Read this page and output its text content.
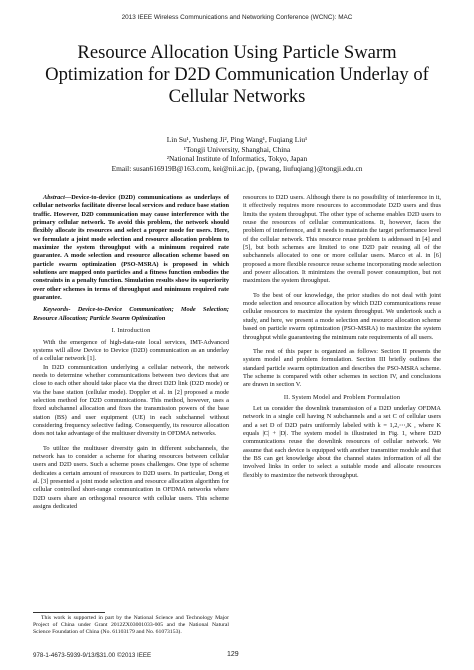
2013 IEEE Wireless Communications and Networking Conference (WCNC): MAC
Resource Allocation Using Particle Swarm
Optimization for D2D Communication Underlay of
Cellular Networks
Lin Su¹, Yusheng Ji², Ping Wang¹, Fuqiang Liu¹
¹Tongji University, Shanghai, China
²National Institute of Informatics, Tokyo, Japan
Email: susan616919B@163.com, kei@nii.ac.jp, {pwang, liufuqiang}@tongji.edu.cn

Abstract—Device-to-device (D2D) communications as underlays of cellular networks facilitate diverse local services and reduce base station traffic. However, D2D communication may cause interference with the primary cellular network. To avoid this problem, the network should flexibly allocate its resources and select a proper mode for users. Here, we formulate a joint mode selection and resource allocation problem to maximize the system throughput with a minimum required rate guarantee. A mode selection and resource allocation scheme based on particle swarm optimization (PSO-MSRA) is proposed in which solutions are mapped onto particles and a fitness function embodies the constraints in a penalty function. Simulation results show its superiority over other schemes in terms of throughput and minimum required rate guarantee.

Keywords- Device-to-Device Communication; Mode Selection; Resource Allocation; Particle Swarm Optimization

I. Introduction

With the emergence of high-data-rate local services, IMT-Advanced systems will allow Device to Device (D2D) communication as an underlay of a cellular network [1].

In D2D communication underlying a cellular network, the network needs to determine whether communications between two devices that are close to each other should take place via the direct D2D link (D2D mode) or via the base station (cellular mode). Doppler et al. in [2] proposed a mode selection method for D2D communications. This method, however, uses a fixed subchannel allocation and fixes the transmission powers of the base station (BS) and user equipment (UE) in each subchannel without considering frequency selective fading. Consequently, its resource allocation does not take advantage of the multiuser diversity in OFDMA networks.

To utilize the multiuser diversity gain in different subchannels, the network has to consider a scheme for sharing resources between cellular users and D2D users. Such a scheme poses challenges. One type of scheme dedicates a certain amount of resources to D2D users. In particular, Dong et al. [3] presented a joint mode selection and resource allocation algorithm for cellular controlled short-range communication in OFDMA networks where D2D users share an orthogonal resource with cellular users. This scheme assigns dedicated

resources to D2D users. Although there is no possibility of interference in it, it effectively requires more resources to accommodate D2D users and thus limits the system throughput. The other type of scheme enables D2D users to reuse the resources of cellular communications. It, however, faces the problem of interference, and it needs to maintain the target performance level of the cellular network. This resource reuse problem is addressed in [4] and [5], but both schemes are limited to one D2D pair reusing all of the subchannels allocated to one or more cellular users. Marco et al. in [6] proposed a more flexible resource reuse scheme incorporating mode selection and power allocation. It minimizes the overall power consumption, but not maximizes the system throughput.

To the best of our knowledge, the prior studies do not deal with joint mode selection and resource allocation by which D2D communications reuse cellular resources to maximize the system throughput. We undertook such a study, and here, we present a mode selection and resource allocation scheme based on particle swarm optimization (PSO-MSRA) to maximize the system throughput while guaranteeing the minimum rate requirements of all users.

The rest of this paper is organized as follows: Section II presents the system model and problem formulation. Section III briefly outlines the standard particle swarm optimization and describes the PSO-MSRA scheme. The scheme is compared with other schemes in section IV, and conclusions are drawn in section V.

II. System Model and Problem Formulation

Let us consider the downlink transmission of a D2D underlay OFDMA network in a single cell having N subchannels and a set C of cellular users and a set D of D2D pairs uniformly labeled with k = 1,2,⋯,K , where K equals |C| + |D|. The system model is illustrated in Fig. 1, where D2D communications reuse the downlink resources of cellular network. We assume that each device is equipped with another transmitter module and that the BS can get knowledge about the channel states information of all the involved links in order to select a suitable mode and allocate resources flexibly to maximize the network throughput.

This work is supported in part by the National Science and Technology Major Project of China under Grant 2012ZX03001033-005 and the National Natural Science Foundation of China (No. 61103179 and No. 61073153).
978-1-4673-5939-9/13/$31.00 ©2013 IEEE	129
